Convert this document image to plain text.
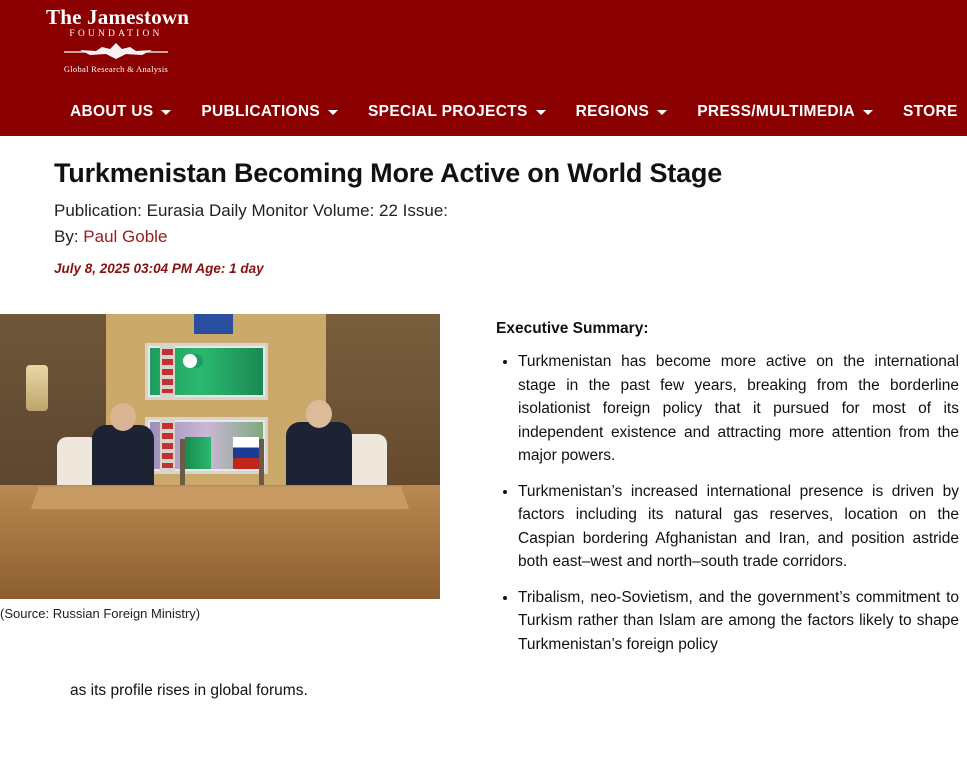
The Jamestown
FOUNDATION
Global Research & Analysis
ABOUT US	PUBLICATIONS	SPECIAL PROJECTS	REGIONS	PRESS/MULTIMEDIA	STORE
Turkmenistan Becoming More Active on World Stage
Publication: Eurasia Daily Monitor Volume: 22 Issue:
By: Paul Goble
July 8, 2025 03:04 PM Age: 1 day
(Source: Russian Foreign Ministry)
Executive Summary:
• Turkmenistan has become more active on the international stage in the past few years, breaking from the borderline isolationist foreign policy that it pursued for most of its independent existence and attracting more attention from the major powers.
• Turkmenistan’s increased international presence is driven by factors including its natural gas reserves, location on the Caspian bordering Afghanistan and Iran, and position astride both east–west and north–south trade corridors.
• Tribalism, neo-Sovietism, and the government’s commitment to Turkism rather than Islam are among the factors likely to shape Turkmenistan’s foreign policy
as its profile rises in global forums.
